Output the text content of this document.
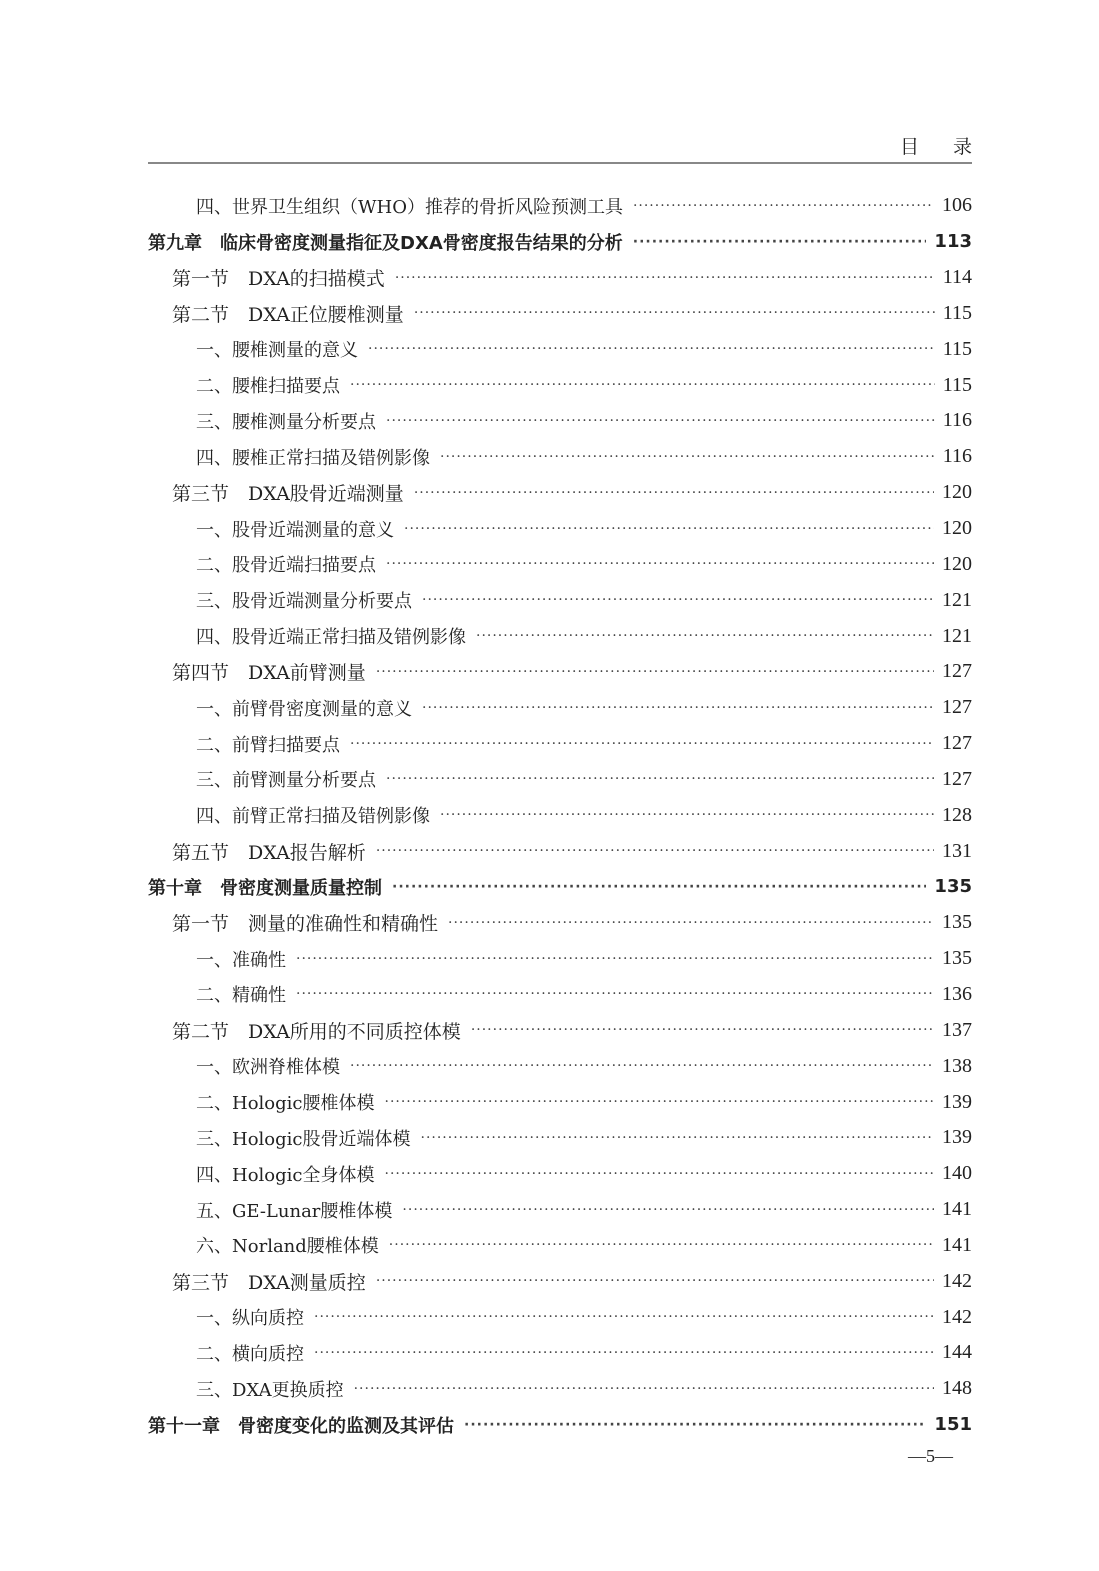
目录
四、世界卫生组织（WHO）推荐的骨折风险预测工具 ·····	106
第九章　临床骨密度测量指征及DXA骨密度报告结果的分析 ·····	113
第一节　DXA的扫描模式 ·····	114
第二节　DXA正位腰椎测量 ·····	115
一、腰椎测量的意义 ·····	115
二、腰椎扫描要点 ·····	115
三、腰椎测量分析要点 ·····	116
四、腰椎正常扫描及错例影像 ·····	116
第三节　DXA股骨近端测量 ·····	120
一、股骨近端测量的意义 ·····	120
二、股骨近端扫描要点 ·····	120
三、股骨近端测量分析要点 ·····	121
四、股骨近端正常扫描及错例影像 ·····	121
第四节　DXA前臂测量 ·····	127
一、前臂骨密度测量的意义 ·····	127
二、前臂扫描要点 ·····	127
三、前臂测量分析要点 ·····	127
四、前臂正常扫描及错例影像 ·····	128
第五节　DXA报告解析 ·····	131
第十章　骨密度测量质量控制 ·····	135
第一节　测量的准确性和精确性 ·····	135
一、准确性 ·····	135
二、精确性 ·····	136
第二节　DXA所用的不同质控体模 ·····	137
一、欧洲脊椎体模 ·····	138
二、Hologic腰椎体模 ·····	139
三、Hologic股骨近端体模 ·····	139
四、Hologic全身体模 ·····	140
五、GE-Lunar腰椎体模 ·····	141
六、Norland腰椎体模 ·····	141
第三节　DXA测量质控 ·····	142
一、纵向质控 ·····	142
二、横向质控 ·····	144
三、DXA更换质控 ·····	148
第十一章　骨密度变化的监测及其评估 ·····	151
—5—
